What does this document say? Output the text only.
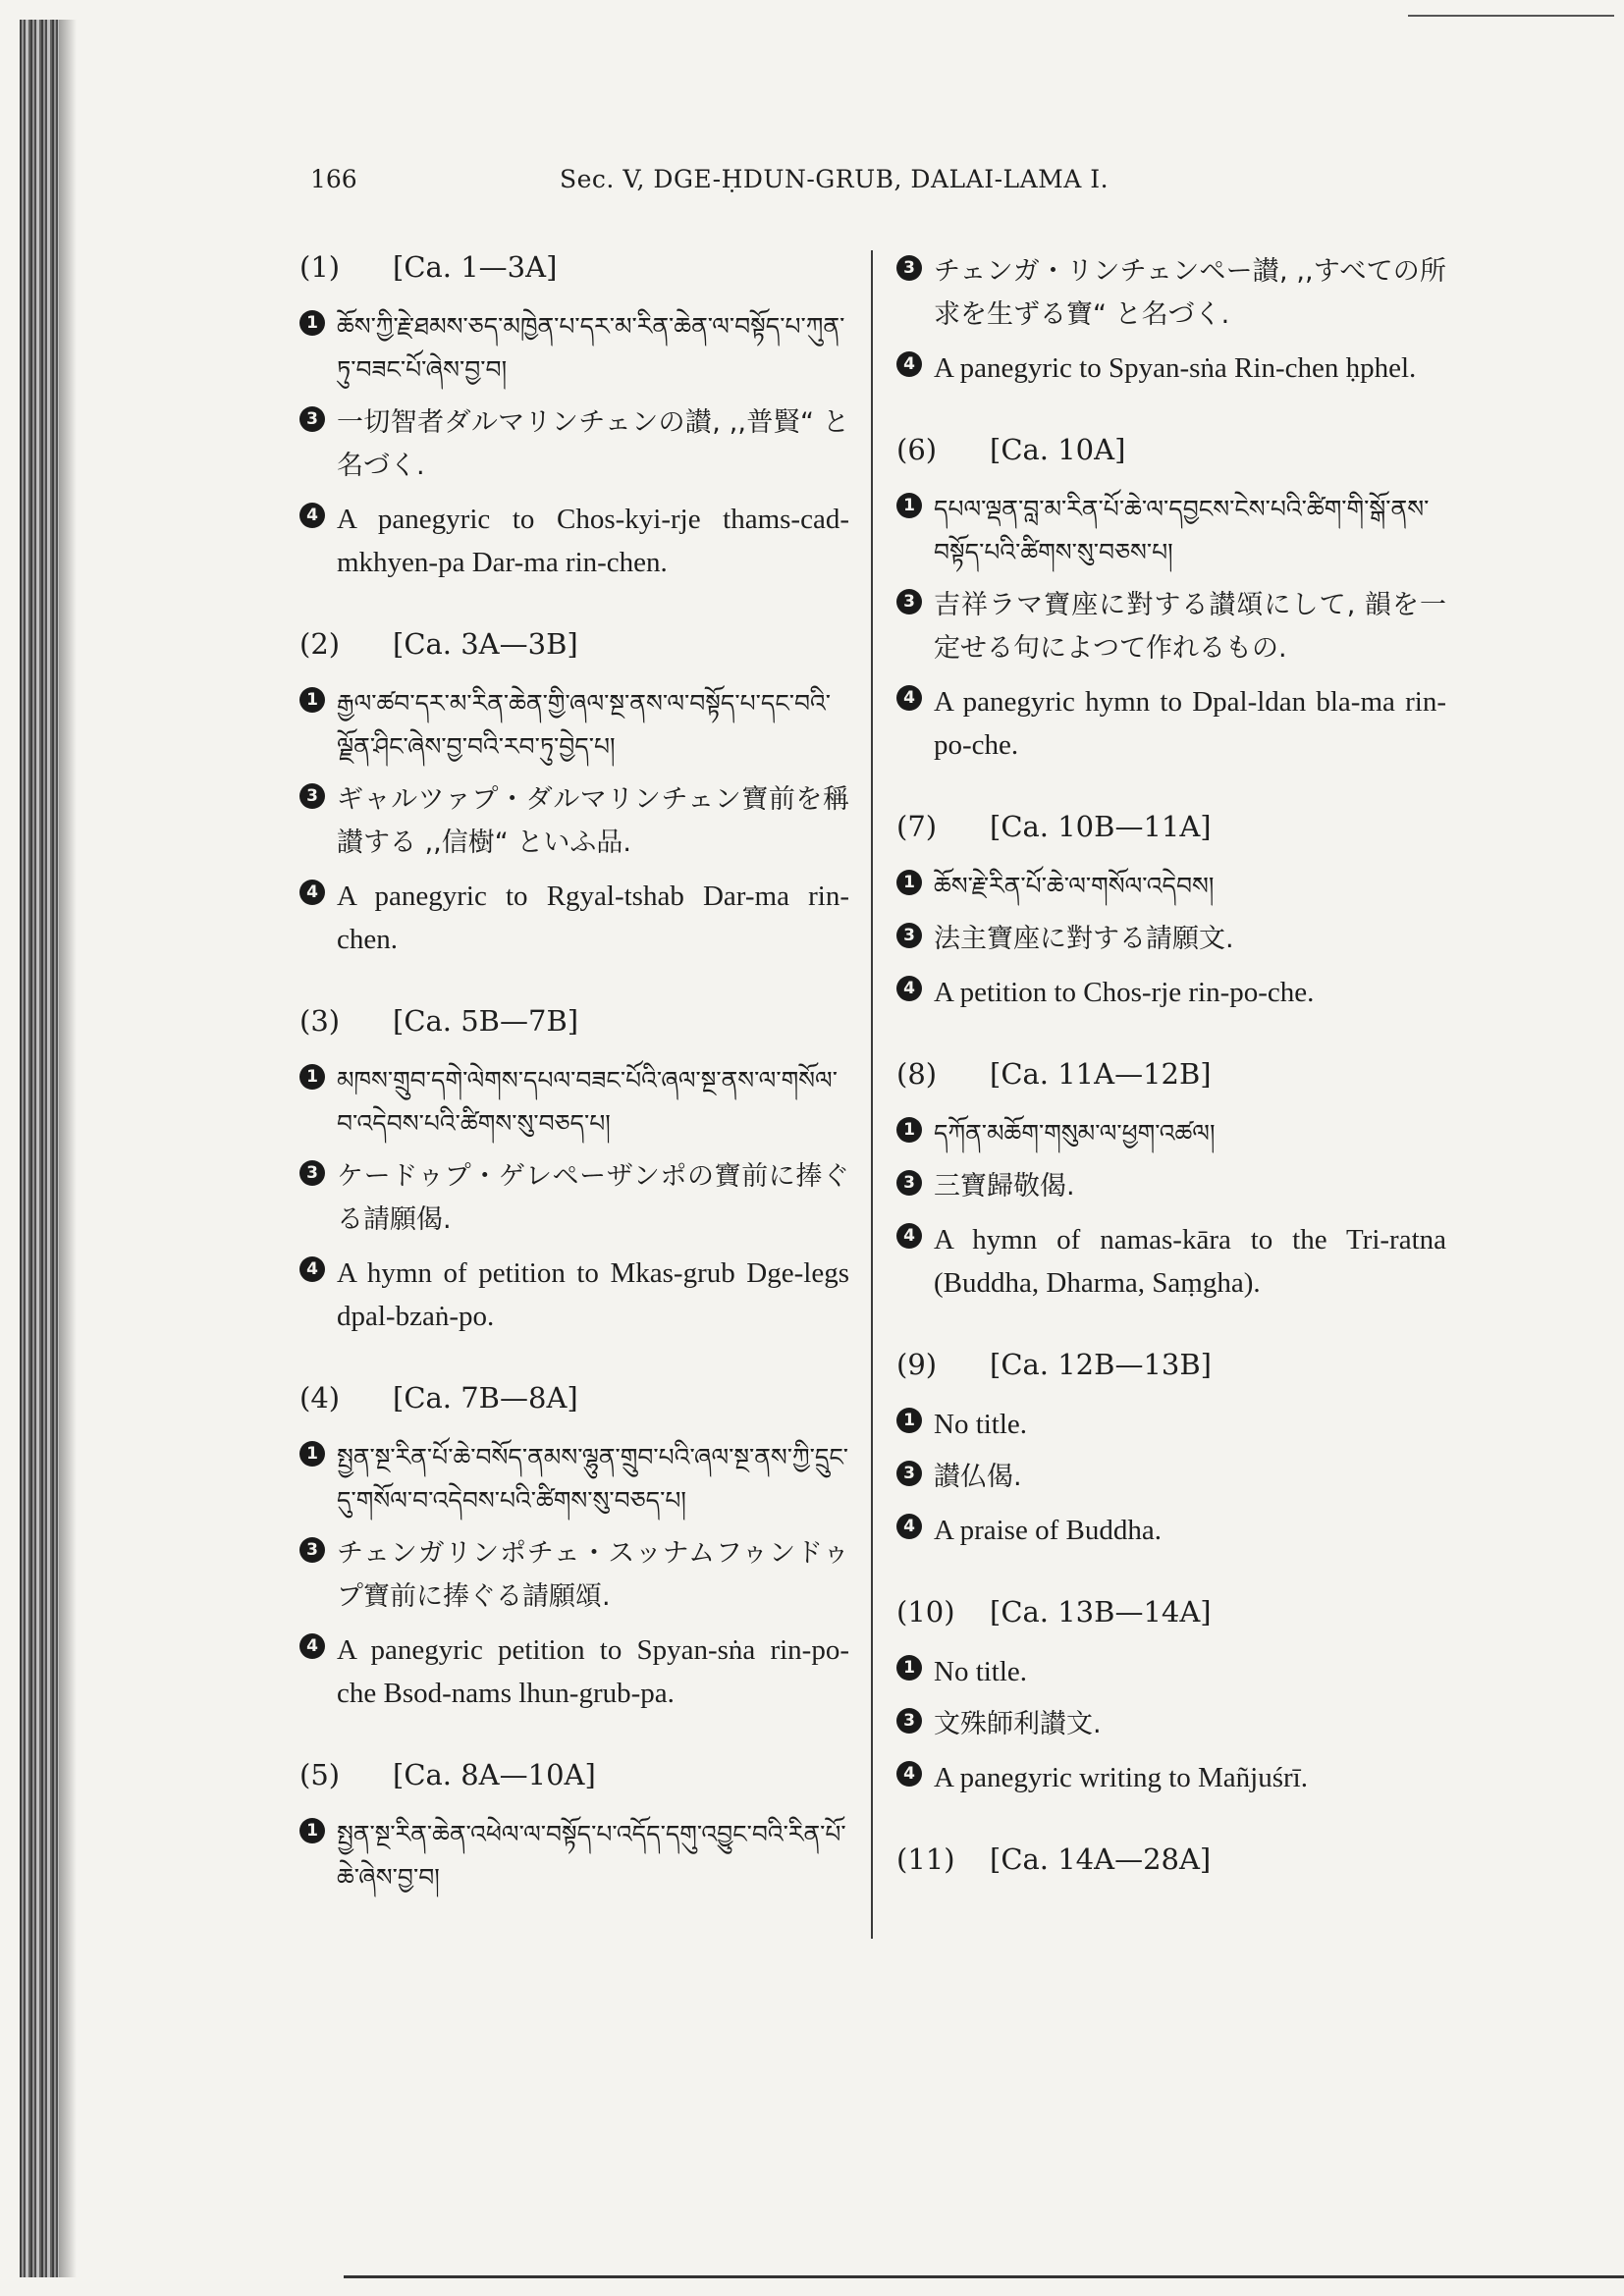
166	Sec. V, DGE-ḤDUN-GRUB, DALAI-LAMA I.
(1) [Ca. 1—3A]
1 ཆོས་ཀྱི་རྗེ་ཐམས་ཅད་མཁྱེན་པ་དར་མ་རིན་ཆེན་ལ་བསྟོད་པ་ཀུན་ཏུ་བཟང་པོ་ཞེས་བྱ་བ།
3 一切智者ダルマリンチェンの讃, ,,普賢“ と名づく.
4 A panegyric to Chos-kyi-rje thams-cad-mkhyen-pa Dar-ma rin-chen.
(2) [Ca. 3A—3B]
1 རྒྱལ་ཚབ་དར་མ་རིན་ཆེན་གྱི་ཞལ་སྔ་ནས་ལ་བསྟོད་པ་དང་བའི་ལྗོན་ཤིང་ཞེས་བྱ་བའི་རབ་ཏུ་བྱེད་པ།
3 ギャルツァプ・ダルマリンチェン寶前を稱讃する ,,信樹“ といふ品.
4 A panegyric to Rgyal-tshab Dar-ma rin-chen.
(3) [Ca. 5B—7B]
1 མཁས་གྲུབ་དགེ་ལེགས་དཔལ་བཟང་པོའི་ཞལ་སྔ་ནས་ལ་གསོལ་བ་འདེབས་པའི་ཚིགས་སུ་བཅད་པ།
3 ケードゥプ・ゲレペーザンポの寶前に捧ぐる請願偈.
4 A hymn of petition to Mkas-grub Dge-legs dpal-bzaṅ-po.
(4) [Ca. 7B—8A]
1 སྤྱན་སྔ་རིན་པོ་ཆེ་བསོད་ནམས་ལྷུན་གྲུབ་པའི་ཞལ་སྔ་ནས་ཀྱི་དྲུང་དུ་གསོལ་བ་འདེབས་པའི་ཚིགས་སུ་བཅད་པ།
3 チェンガリンポチェ・スッナムフゥンドゥプ寶前に捧ぐる請願頌.
4 A panegyric petition to Spyan-sṅa rin-po-che Bsod-nams lhun-grub-pa.
(5) [Ca. 8A—10A]
1 སྤྱན་སྔ་རིན་ཆེན་འཕེལ་ལ་བསྟོད་པ་འདོད་དགུ་འབྱུང་བའི་རིན་པོ་ཆེ་ཞེས་བྱ་བ།
3 チェンガ・リンチェンペー讃, ,,すべての所求を生ずる寶“ と名づく.
4 A panegyric to Spyan-sṅa Rin-chen ḥphel.
(6) [Ca. 10A]
1 དཔལ་ལྡན་བླ་མ་རིན་པོ་ཆེ་ལ་དབྱངས་ངེས་པའི་ཚིག་གི་སྒོ་ནས་བསྟོད་པའི་ཚིགས་སུ་བཅས་པ།
3 吉祥ラマ寶座に對する讃頌にして, 韻を一定せる句によつて作れるもの.
4 A panegyric hymn to Dpal-ldan bla-ma rin-po-che.
(7) [Ca. 10B—11A]
1 ཆོས་རྗེ་རིན་པོ་ཆེ་ལ་གསོལ་འདེབས།
3 法主寶座に對する請願文.
4 A petition to Chos-rje rin-po-che.
(8) [Ca. 11A—12B]
1 དཀོན་མཆོག་གསུམ་ལ་ཕྱག་འཚལ།
3 三寶歸敬偈.
4 A hymn of namas-kāra to the Tri-ratna (Buddha, Dharma, Saṃgha).
(9) [Ca. 12B—13B]
1 No title.
3 讃仏偈.
4 A praise of Buddha.
(10) [Ca. 13B—14A]
1 No title.
3 文殊師利讃文.
4 A panegyric writing to Mañjuśrī.
(11) [Ca. 14A—28A]
